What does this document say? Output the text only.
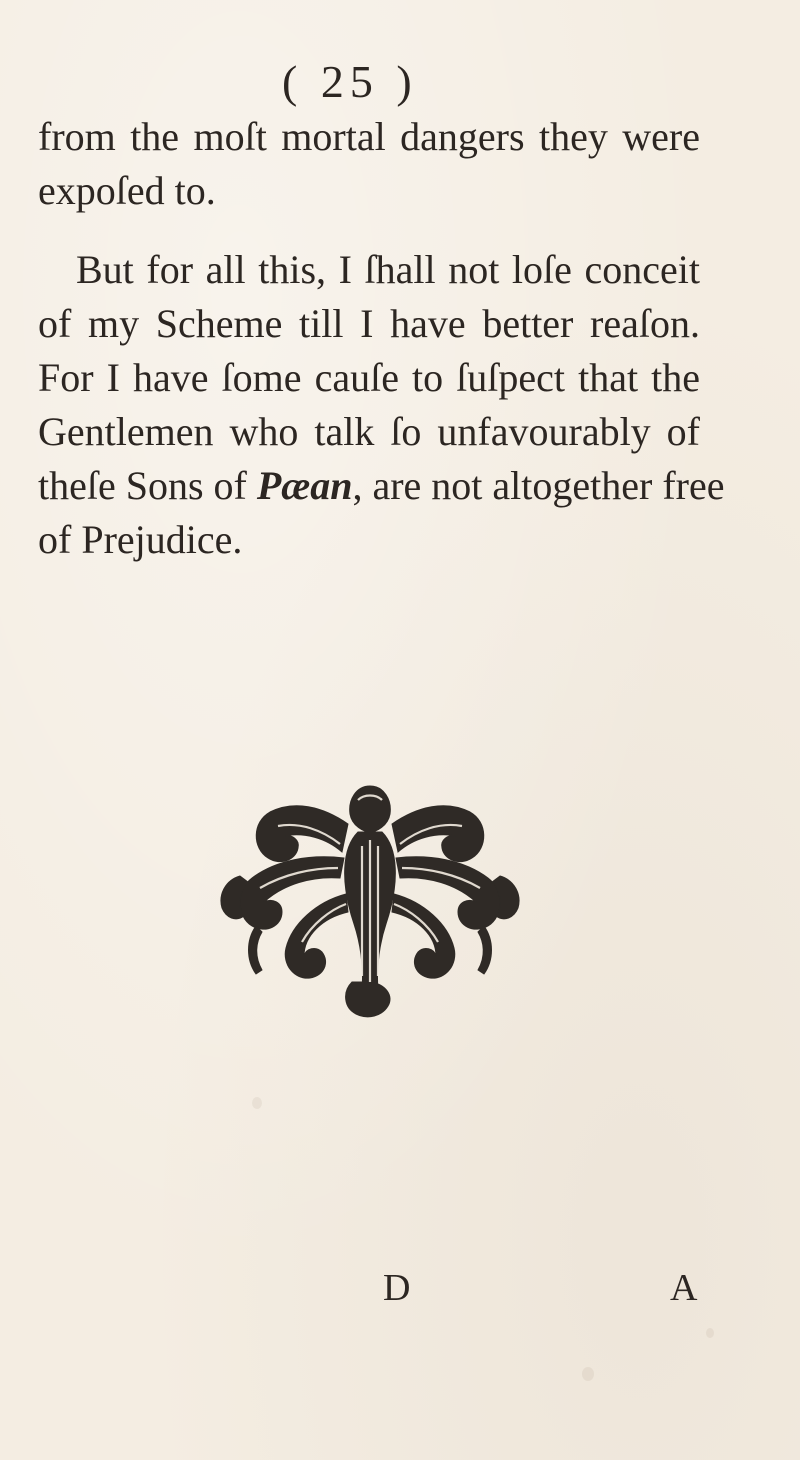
( 25 )
from the moſt mortal dangers they were
expoſed to.
But for all this, I ſhall not loſe conceit
of my Scheme till I have better reaſon.
For I have ſome cauſe to ſuſpect that the
Gentlemen who talk ſo unfavourably of
theſe Sons of Pæan, are not altogether free
of Prejudice.
D	A
